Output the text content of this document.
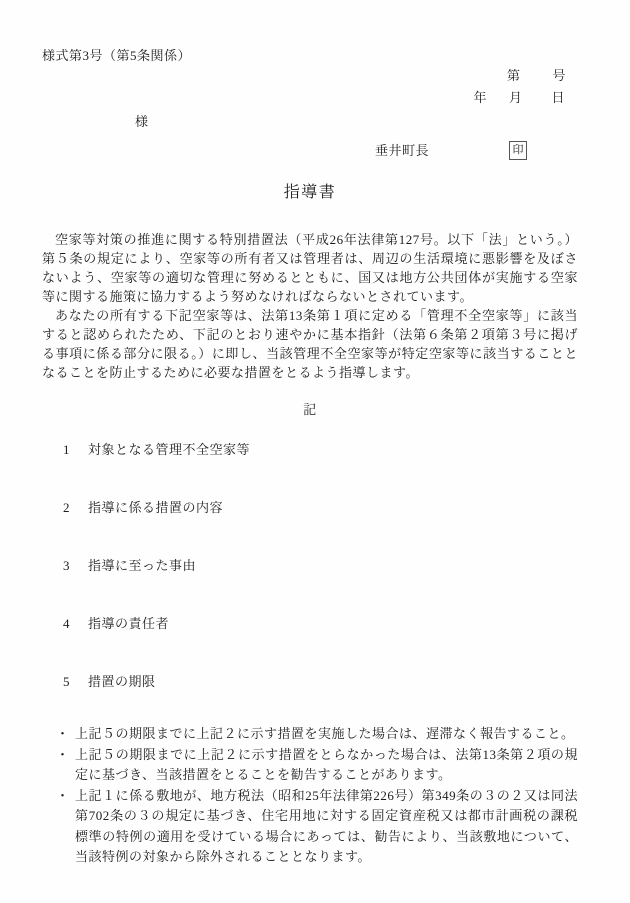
様式第3号（第5条関係）
第 号
年 月 日
様
垂井町長	印
指導書

空家等対策の推進に関する特別措置法（平成26年法律第127号。以下「法」という。）第５条の規定により、空家等の所有者又は管理者は、周辺の生活環境に悪影響を及ぼさないよう、空家等の適切な管理に努めるとともに、国又は地方公共団体が実施する空家等に関する施策に協力するよう努めなければならないとされています。

あなたの所有する下記空家等は、法第13条第１項に定める「管理不全空家等」に該当すると認められたため、下記のとおり速やかに基本指針（法第６条第２項第３号に掲げる事項に係る部分に限る。）に即し、当該管理不全空家等が特定空家等に該当することとなることを防止するために必要な措置をとるよう指導します。

記
1	対象となる管理不全空家等
2	指導に係る措置の内容
3	指導に至った事由
4	指導の責任者
5	措置の期限
・ 上記５の期限までに上記２に示す措置を実施した場合は、遅滞なく報告すること。
・ 上記５の期限までに上記２に示す措置をとらなかった場合は、法第13条第２項の規定に基づき、当該措置をとることを勧告することがあります。
・ 上記１に係る敷地が、地方税法（昭和25年法律第226号）第349条の３の２又は同法第702条の３の規定に基づき、住宅用地に対する固定資産税又は都市計画税の課税標準の特例の適用を受けている場合にあっては、勧告により、当該敷地について、当該特例の対象から除外されることとなります。
